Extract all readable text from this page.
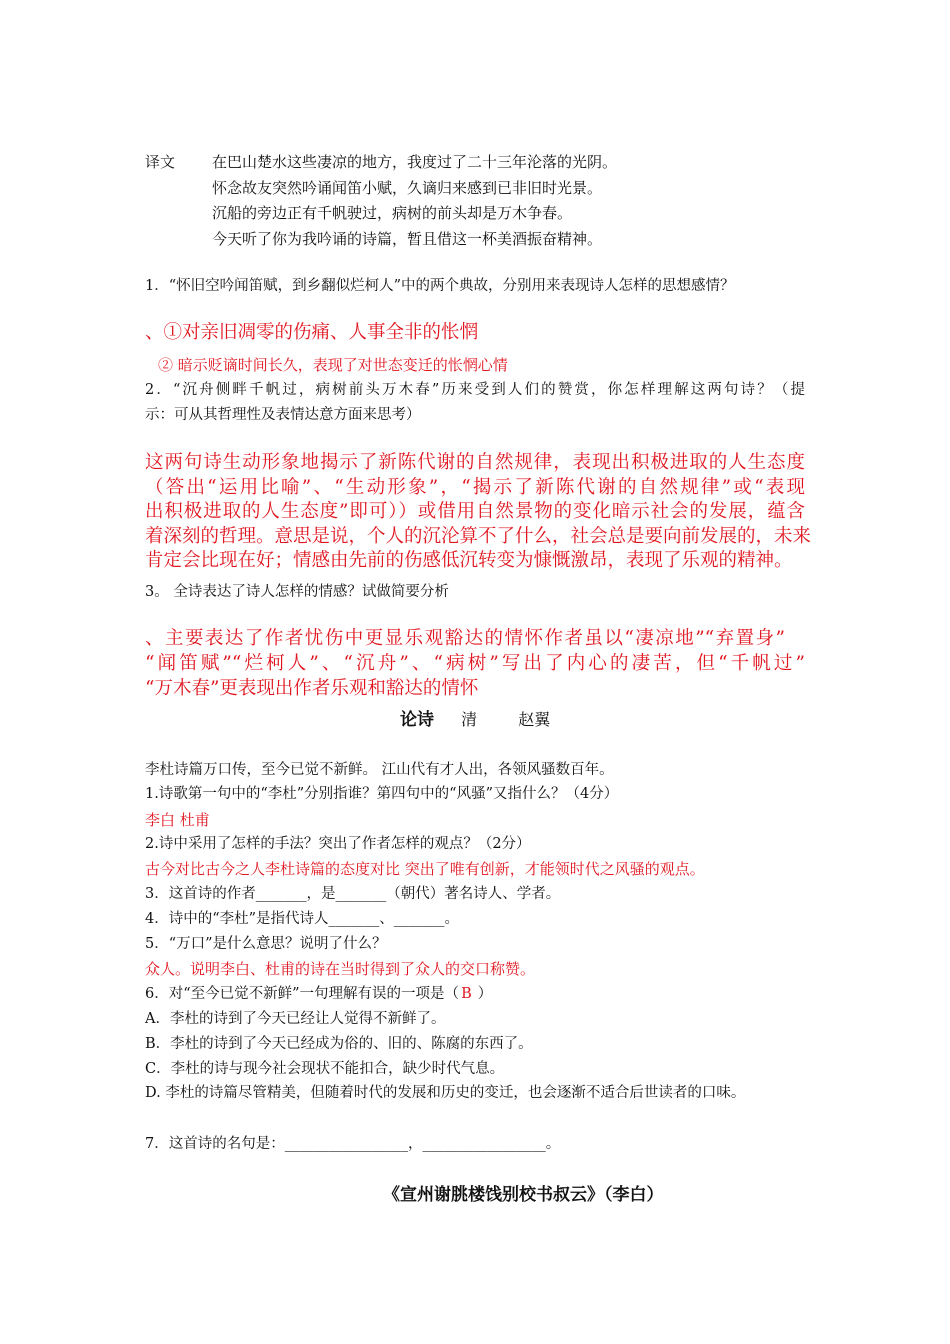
译文 在巴山楚水这些凄凉的地方，我度过了二十三年沦落的光阴。
怀念故友突然吟诵闻笛小赋，久谪归来感到已非旧时光景。
沉船的旁边正有千帆驶过，病树的前头却是万木争春。
今天听了你为我吟诵的诗篇，暂且借这一杯美酒振奋精神。
1．“怀旧空吟闻笛赋，到乡翻似烂柯人”中的两个典故，分别用来表现诗人怎样的思想感情？
、①对亲旧凋零的伤痛、人事全非的怅惘
② 暗示贬谪时间长久，表现了对世态变迁的怅惘心情
2．“沉舟侧畔千帆过，病树前头万木春”历来受到人们的赞赏，你怎样理解这两句诗？（提
示：可从其哲理性及表情达意方面来思考）
这两句诗生动形象地揭示了新陈代谢的自然规律，表现出积极进取的人生态度
（答出“运用比喻”、“生动形象”，“揭示了新陈代谢的自然规律”或“表现
出积极进取的人生态度”即可））或借用自然景物的变化暗示社会的发展，蕴含
着深刻的哲理。意思是说，个人的沉沦算不了什么，社会总是要向前发展的，未来
肯定会比现在好；情感由先前的伤感低沉转变为慷慨激昂，表现了乐观的精神。
3。 全诗表达了诗人怎样的情感？试做简要分析
、主要表达了作者忧伤中更显乐观豁达的情怀作者虽以“凄凉地”“弃置身”
“闻笛赋”“烂柯人”、“沉舟”、“病树”写出了内心的凄苦，但“千帆过”
“万木春”更表现出作者乐观和豁达的情怀
论诗 清	赵翼
李杜诗篇万口传，至今已觉不新鲜。 江山代有才人出，各领风骚数百年。
1.诗歌第一句中的“李杜”分别指谁？第四句中的“风骚”又指什么？（4分）
李白 杜甫
2.诗中采用了怎样的手法？突出了作者怎样的观点？（2分）
古今对比古今之人李杜诗篇的态度对比 突出了唯有创新，才能领时代之风骚的观点。
3．这首诗的作者_______，是_______（朝代）著名诗人、学者。
4．诗中的“李杜”是指代诗人_______、_______。
5．“万口”是什么意思？说明了什么？
众人。说明李白、杜甫的诗在当时得到了众人的交口称赞。
6．对“至今已觉不新鲜”一句理解有误的一项是（ B ）
A．李杜的诗到了今天已经让人觉得不新鲜了。
B．李杜的诗到了今天已经成为俗的、旧的、陈腐的东西了。
C．李杜的诗与现今社会现状不能扣合，缺少时代气息。
D. 李杜的诗篇尽管精美，但随着时代的发展和历史的变迁，也会逐渐不适合后世读者的口味。
7．这首诗的名句是：_________________，_________________。
《宣州谢朓楼饯别校书叔云》（李白）
